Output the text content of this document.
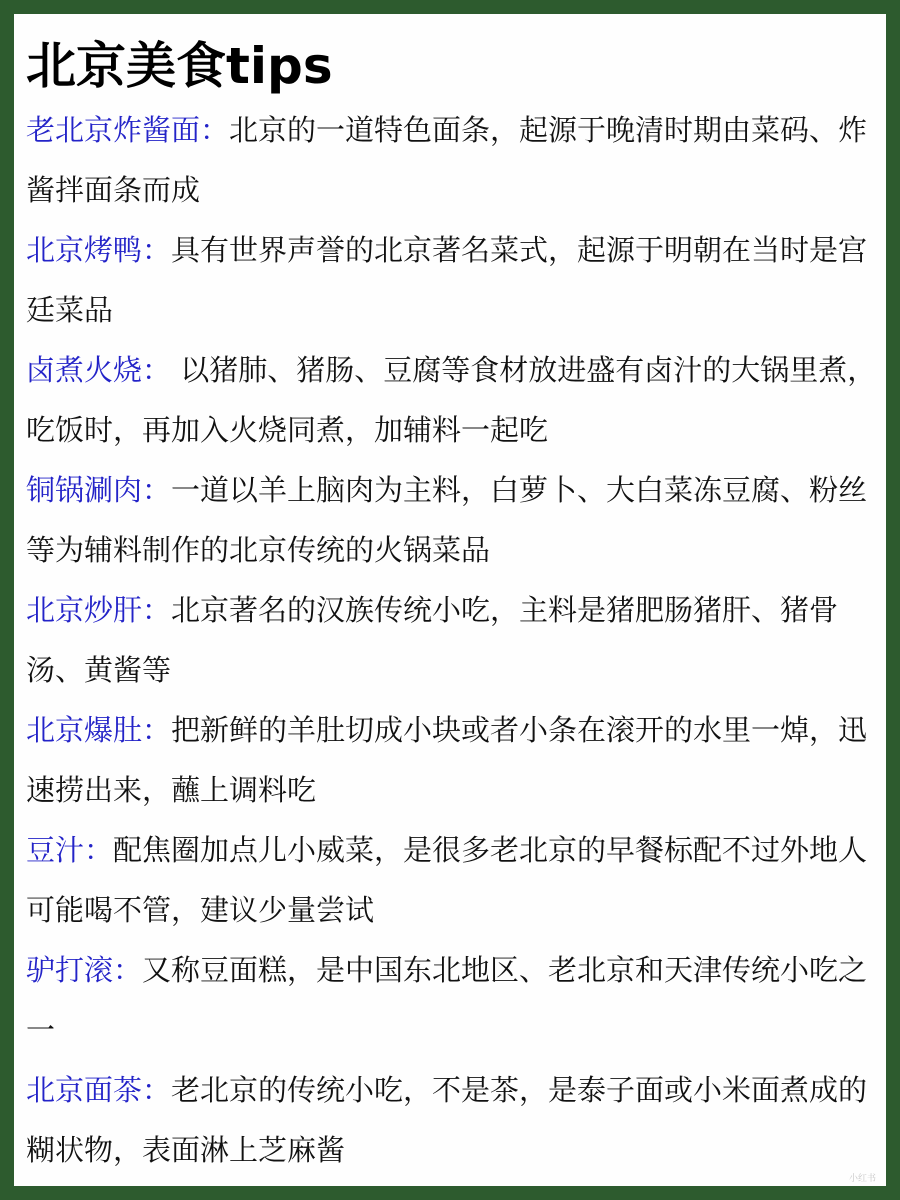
北京美食tips
老北京炸酱面：北京的一道特色面条，起源于晚清时期由菜码、炸酱拌面条而成
北京烤鸭：具有世界声誉的北京著名菜式，起源于明朝在当时是宫廷菜品
卤煮火烧： 以猪肺、猪肠、豆腐等食材放进盛有卤汁的大锅里煮，吃饭时，再加入火烧同煮，加辅料一起吃
铜锅涮肉：一道以羊上脑肉为主料，白萝卜、大白菜冻豆腐、粉丝等为辅料制作的北京传统的火锅菜品
北京炒肝：北京著名的汉族传统小吃，主料是猪肥肠猪肝、猪骨汤、黄酱等
北京爆肚：把新鲜的羊肚切成小块或者小条在滚开的水里一焯，迅速捞出来，蘸上调料吃
豆汁：配焦圈加点儿小威菜，是很多老北京的早餐标配不过外地人可能喝不管，建议少量尝试
驴打滚：又称豆面糕，是中国东北地区、老北京和天津传统小吃之一
北京面茶：老北京的传统小吃，不是茶，是泰子面或小米面煮成的糊状物，表面淋上芝麻酱
小红书
